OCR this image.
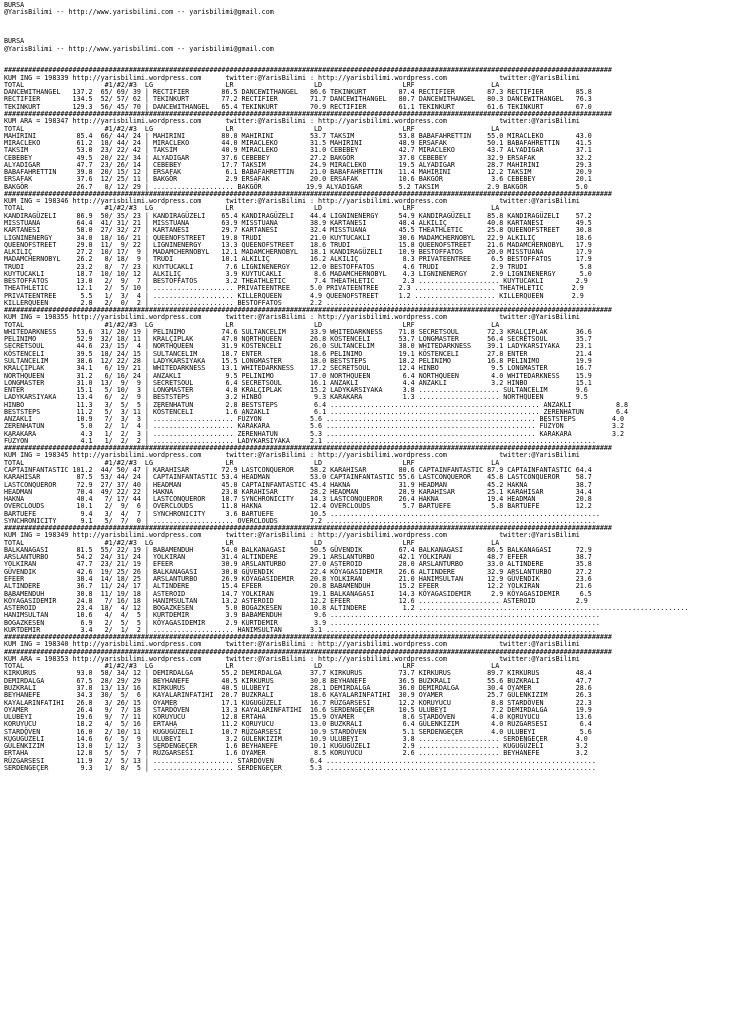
BURSA
@YarisBilimi -- http://www.yarisbilimi.com -- yarisbilimi@gmail.com
BURSA
@YarisBilimi -- http://www.yarisbilimi.com -- yarisbilimi@gmail.com
#######################################################################################################################################################
KUM ING = 198339 http://yarisbilimi.wordpress.com      twitter:@YarisBilimi : http://yarisbilimi.wordpress.com             twitter:@YarisBilimi
TOTAL                    #1/#2/#3  LG                  LR                    LD                    LRF                   LA
DANCEWITHANGEL   137.2  65/ 69/ 39 | RECTIFIER        86.5 DANCEWITHANGEL   86.6 TEKINKURT        87.4 RECTIFIER        87.3 RECTIFIER        85.8
RECTIFIER        134.5  52/ 57/ 62 | TEKINKURT        77.2 RECTIFIER        71.7 DANCEWITHANGEL   80.7 DANCEWITHANGEL   80.3 DANCEWITHANGEL   76.3
TEKINKURT        129.3  56/ 45/ 70 | DANCEWITHANGEL   65.4 TEKINKURT        70.9 RECTIFIER        61.1 TEKINKURT        61.6 TEKINKURT        67.0
#######################################################################################################################################################
KUM ARA = 198347 http://yarisbilimi.wordpress.com      twitter:@YarisBilimi : http://yarisbilimi.wordpress.com             twitter:@YarisBilimi
TOTAL                    #1/#2/#3  LG                  LR                    LD                    LRF                   LA
MAHIRINI          85.4  66/ 44/ 24 | MAHIRINI         80.0 MAHIRINI         53.7 TAKSIM           53.8 BABAFAHRETTIN    55.0 MIRACLEKO        43.0
MIRACLEKO         61.2  18/ 44/ 24 | MIRACLEKO        44.0 MIRACLEKO        31.5 MAHIRINI         48.9 ERSAFAK          50.1 BABAFAHRETTIN    41.5
TAKSIM            53.0  23/ 22/ 42 | TAKSIM           40.9 MIRACLEKO        31.0 CEBEBEY          42.7 MIRACLEKO        43.7 ALYADIGAR        37.1
CEBEBEY           49.5  20/ 22/ 34 | ALYADIGAR        37.6 CEBEBEY          27.2 BAKGÖR           37.0 CEBEBEY          32.9 ERSAFAK          32.2
ALYADIGAR         47.7  23/ 26/ 14 | CEBEBEY          17.7 TAKSIM           24.9 MIRACLEKO        19.5 ALYADIGAR        28.7 MAHIRINI         29.3
BABAFAHRETTIN     39.8  20/ 15/ 12 | ERSAFAK           6.1 BABAFAHRETTIN    21.0 BABAFAHRETTIN    11.4 MAHIRINI         12.2 TAKSIM           20.9
ERSAFAK           37.6  12/ 25/ 11 | BAKGÖR            2.9 ERSAFAK          20.0 ERSAFAK          10.6 BAKGÖR            3.6 CEBEBEY          20.1
BAKGÖR            26.7   8/ 12/ 29 | .................... BAKGÖR           19.9 ALYADIGAR         5.2 TAKSIM            2.9 BAKGÖR            5.0
#######################################################################################################################################################
KUM ING = 198346 http://yarisbilimi.wordpress.com      twitter:@YarisBilimi : http://yarisbilimi.wordpress.com             twitter:@YarisBilimi
TOTAL                    #1/#2/#3  LG                  LR                    LD                    LRF                   LA
KANDIRAGÜZELI     86.9  50/ 35/ 23 | KANDIRAGÜZELI    65.4 KANDIRAGÜZELI    44.4 LIGNINENERGY     54.9 KANDIRAGÜZELI    85.8 KANDIRAGÜZELI    57.2
MISSTUANA         64.4  41/ 31/ 21 | MISSTUANA        63.9 MISSTUANA        38.9 KARTANESI        48.4 ALKILIÇ          40.8 KARTANESI        49.5
KARTANESI         58.0  27/ 32/ 27 | KARTANESI        29.7 KARTANESI        32.4 MISSTUANA        45.5 THEATHLETIC      25.8 QUEENOFSTREET    30.8
LIGNINENERGY      34.0  18/ 16/ 21 | QUEENOFSTREET    19.8 TRUDI            21.0 KUYTUCAKLI       30.6 MADAMCHERNOBYL   22.9 ALKILIÇ          18.6
QUEENOFSTREET     29.0  11/  9/ 22 | LIGNINENERGY     13.3 QUEENOFSTREET    18.6 TRUDI            15.8 QUEENOFSTREET    21.6 MADAMCHERNOBYL   17.9
ALKILIÇ           27.2  10/ 17/  9 | MADAMCHERNOBYL   12.1 MADAMCHERNOBYL   18.1 KANDIRAGÜZELI    10.9 BESTOFFATOS      20.0 MISSTUANA        17.9
MADAMCHERNOBYL    26.2   8/ 18/  9 | TRUDI            10.1 ALKILIÇ          16.2 ALKILIÇ           8.3 PRIVATEENTREE     6.5 BESTOFFATOS      17.9
TRUDI             23.2   8/  7/ 23 | KUYTUCAKLI        7.6 LIGNINENERGY     12.0 BESTOFFATOS       4.6 TRUDI             2.9 TRUDI             5.8
KUYTUCAKLI        18.7  10/ 10/ 12 | ALKILIÇ           3.9 KUYTUCAKLI        8.6 MADAMCHERNOBYL    4.3 LIGNINENERGY      2.9 LIGNINENERGY      5.0
BESTOFFATOS       13.0   2/  9/  7 | BESTOFFATOS       3.2 THEATHLETIC       7.4 THEATHLETIC       2.3 .................... KUYTUCAKLI        2.9
THEATHLETIC       12.1   2/  5/ 10 | .................... PRIVATEENTREE     5.0 PRIVATEENTREE     2.3 .................... THEATHLETIC       2.9
PRIVATEENTREE      5.5   1/  3/  4 | .................... KILLERQUEEN       4.9 QUEENOFSTREET     1.2 .................... KILLERQUEEN       2.9
KILLERQUEEN        2.8   2/  0/  2 | .................... BESTOFFATOS       2.2 ...................................................................
#######################################################################################################################################################
KUM ING = 198355 http://yarisbilimi.wordpress.com      twitter:@YarisBilimi : http://yarisbilimi.wordpress.com             twitter:@YarisBilimi
TOTAL                    #1/#2/#3  LG                  LR                    LD                    LRF                   LA
WHITEDARKNESS     53.6  31/ 20/ 19 | PELINIMO         74.6 SULTANCELIM      33.9 WHITEDARKNESS    71.8 SECRETSOUL       72.3 KRALÇIPLAK       36.6
PELINIMO          52.9  32/ 18/ 11 | KRALÇIPLAK       47.0 NORTHQUEEN       26.8 KÖSTENCELI       53.7 LONGMASTER       56.4 SECRETSOUL       35.7
SECRETSOUL        44.6  23/ 15/  4 | NORTHQUEEN       31.9 KÖSTENCELI       26.0 SULTANCELIM      38.0 WHITEDARKNESS    39.1 LADYKARSIYAKA    23.1
KÖSTENCELI        39.5  18/ 24/ 15 | SULTANCELIM      18.7 ENTER            18.6 PELINIMO         19.1 KÖSTENCELI       27.8 ENTER            21.4
SULTANCELIM       38.6  12/ 22/ 28 | LADYKARSIYAKA    15.5 LONGMASTER       18.0 BESTSTEPS        18.2 PELINIMO         16.8 PELINIMO         19.9
KRALÇIPLAK        34.1   6/ 19/ 21 | WHITEDARKNESS    13.1 WHITEDARKNESS    17.2 SECRETSOUL       12.4 HINBO             9.5 LONGMASTER       16.7
NORTHQUEEN        31.2   6/ 16/ 24 | ANZAKLI           9.5 PELINIMO         17.0 NORTHQUEEN        6.4 NORTHQUEEN        4.0 WHITEDARKNESS    15.9
LONGMASTER        31.0  13/  9/  9 | SECRETSOUL        6.4 SECRETSOUL       16.1 ANZAKLI           4.4 ANZAKLI           3.2 HINBO            15.1
ENTER             15.1   5/ 10/  3 | LONGMASTER        4.8 KRALÇIPLAK       15.2 LADYKARSIYAKA     3.8 .................... SULTANCELIM       9.6
LADYKARSIYAKA     13.4   6/  2/  9 | BESTSTEPS         3.2 HINBO             9.3 KARAKARA          1.3 .................... NORTHQUEEN        9.5
HINBO             11.3   3/  5/  5 | ZERENHATUN        2.8 BESTSTEPS         6.4 .................................................... ANZAKLI           8.8
BESTSTEPS         11.2   5/  3/ 11 | KÖSTENCELI        1.6 ANZAKLI           6.1 .................................................... ZERENHATUN        6.4
ANZAKLI           10.9   7/  3/  3 | .................... FÜZYON            5.6 .................................................... BESTSTEPS         4.0
ZERENHATUN         5.0   2/  1/  4 | .................... KARAKARA          5.6 .................................................... FÜZYON            3.2
KARAKARA           4.3   1/  2/  3 | .................... ZERENHATUN        5.3 .................................................... KARAKARA          3.2
FÜZYON             4.1   1/  2/  2 | .................... LADYKARSIYAKA     2.1 ...................................................................
#######################################################################################################################################################
KUM ING = 198345 http://yarisbilimi.wordpress.com      twitter:@YarisBilimi : http://yarisbilimi.wordpress.com             twitter:@YarisBilimi
TOTAL                    #1/#2/#3  LG                  LR                    LD                    LRF                   LA
CAPTAINFANTASTIC 101.2  44/ 50/ 47 | KARAHISAR        72.9 LASTCONQUEROR    58.2 KARAHISAR        80.6 CAPTAINFANTASTIC 87.9 CAPTAINFANTASTIC 64.4
KARAHISAR         87.5  53/ 44/ 24 | CAPTAINFANTASTIC 53.4 HEADMAN          53.0 CAPTAINFANTASTIC 55.6 LASTCONQUEROR    45.8 LASTCONQUEROR    58.7
LASTCONQUEROR     72.9  27/ 37/ 40 | HEADMAN          45.0 CAPTAINFANTASTIC 45.4 HAKNA            31.9 HEADMAN          45.2 HAKNA            38.7
HEADMAN           70.4  49/ 22/ 22 | HAKNA            23.8 KARAHISAR        28.2 HEADMAN          28.9 KARAHISAR        25.1 KARAHISAR        34.4
HAKNA             40.4   7/ 17/ 44 | LASTCONQUEROR    18.7 SYNCHRONICITY    14.3 LASTCONQUEROR    26.4 HAKNA            19.4 HEADMAN          20.8
OVERCLOUDS        10.1   2/  9/  6 | OVERCLOUDS       11.8 HAKNA            12.4 OVERCLOUDS        5.7 BARTUEFE          5.8 BARTUEFE         12.2
BARTUEFE           9.4   3/  4/  7 | SYNCHRONICITY     3.6 BARTUEFE         10.5 ...................................................................
SYNCHRONICITY      9.1   5/  7/  0 | .................... OVERCLOUDS        7.2 ...................................................................
#######################################################################################################################################################
KUM ING = 198349 http://yarisbilimi.wordpress.com      twitter:@YarisBilimi : http://yarisbilimi.wordpress.com             twitter:@YarisBilimi
TOTAL                    #1/#2/#3  LG                  LR                    LD                    LRF                   LA
BALKANAGASI       81.5  55/ 22/ 19 | BABAMENDUH       54.0 BALKANAGASI      50.5 GÜVENDIK         67.4 BALKANAGASI      86.5 BALKANAGASI      72.9
ARSLANTURBO       54.2  24/ 31/ 24 | YOLKIRAN         31.4 ALTINDERE        29.1 ARSLANTURBO      42.1 YOLKIRAN         48.7 EFEER            38.7
YOLKIRAN          47.7  23/ 21/ 19 | EFEER            30.9 ARSLANTURBO      27.0 ASTEROID         28.0 ARSLANTURBO      33.0 ALTINDERE        35.8
GÜVENDIK          42.6  19/ 25/ 26 | BALKANAGASI      30.8 GÜVENDIK         22.4 KÖYAGASIDEMIR    26.6 ALTINDERE        32.9 ARSLANTURBO      27.2
EFEER             38.4  14/ 18/ 25 | ARSLANTURBO      26.9 KÖYAGASIDEMIR    20.8 YOLKIRAN         21.0 HANIMSULTAN      12.9 GÜVENDIK         23.6
ALTINDERE         36.7  11/ 24/ 17 | ALTINDERE        15.4 EFEER            20.8 BABAMENDUH       15.2 EFEER            12.2 YOLKIRAN         21.6
BABAMENDUH        30.8  11/ 19/ 18 | ASTEROID         14.7 YOLKIRAN         19.1 BALKANAGASI      14.3 KÖYAGASIDEMIR     2.9 KÖYAGASIDEMIR     6.5
KÖYAGASIDEMIR     24.8   7/ 16/ 18 | HANIMSULTAN      13.2 ASTEROID         12.2 EFEER            12.6 .................... ASTEROID          2.9
ASTEROID          23.4  18/  4/ 12 | BOGAZKESEN        5.0 BOGAZKESEN       10.8 ALTINDERE         1.2 ...................................................................
HANIMSULTAN       10.6   4/  4/  5 | KURTDEMIR         3.9 BABAMENDUH        9.6 ...................................................................
BOGAZKESEN         6.9   2/  5/  5 | KÖYAGASIDEMIR     2.9 KURTDEMIR         3.9 ...................................................................
KURTDEMIR          3.4   2/  1/  2 | .................... HANIMSULTAN       3.1 ...................................................................
#######################################################################################################################################################
KUM ING = 198340 http://yarisbilimi.wordpress.com      twitter:@YarisBilimi : http://yarisbilimi.wordpress.com             twitter:@YarisBilimi
#######################################################################################################################################################
KUM ARA = 198353 http://yarisbilimi.wordpress.com      twitter:@YarisBilimi : http://yarisbilimi.wordpress.com             twitter:@YarisBilimi
TOTAL                    #1/#2/#3  LG                  LR                    LD                    LRF                   LA
KIRKURUS          93.0  58/ 34/ 12 | DEMIRDALGA       55.2 DEMIRDALGA       37.7 KIRKURUS         73.7 KIRKURUS         89.7 KIRKURUS         48.4
DEMIRDALGA        67.5  28/ 29/ 29 | BEYHANEFE        40.5 KIRKURUS         30.8 BEYHANEFE        36.5 BUZKRALI         55.6 BUZKRALI         47.7
BUZKRALI          37.8  13/ 13/ 16 | KIRKURUS         40.5 ULUBEYI          28.1 DEMIRDALGA       36.0 DEMIRDALGA       30.4 OYAMER           28.6
BEYHANEFE         34.3  30/  5/  6 | KAYALARINFATIHI  20.7 BUZKRALI         18.6 KAYALARINFATIHI  30.9 OYAMER           25.7 GÜLENKIZIM       26.3
KAYALARINFATIHI   26.8   3/ 26/ 15 | OYAMER           17.1 KUGUGÜZELI       16.7 RÜZGARSESI       12.2 KORUYUCU          8.8 STARDÖVEN        22.3
OYAMER            26.4   9/  7/ 18 | STARDÖVEN        13.3 KAYALARINFATIHI  16.6 SERDENGEÇER      10.5 ULUBEYI           7.2 DEMIRDALGA       19.9
ULUBEYI           19.6   9/  7/ 11 | KORUYUCU         12.8 ERTAHA           15.9 OYAMER            8.6 STARDÖVEN         4.0 KORUYUCU         13.6
KORUYUCU          18.2   4/  5/ 16 | ERTAHA           11.2 KORUYUCU         13.0 BUZKRALI          6.4 GÜLENKIZIM        4.0 RÜZGARSESI        6.4
STARDÖVEN         16.0   2/ 10/ 11 | KUGUGÜZELI       10.7 RÜZGARSESI       10.9 STARDÖVEN         5.1 SERDENGEÇER       4.0 ULUBEYI           5.6
KUGUGÜZELI        14.6   6/  5/  9 | ULUBEYI           3.2 GÜLENKIZIM       10.9 ULUBEYI           3.8 .................... SERDENGEÇER       4.0
GÜLENKIZIM        13.0   1/ 12/  3 | SERDENGEÇER       1.6 BEYHANEFE        10.1 KUGUGÜZELI        2.9 .................... KUGUGÜZELI        3.2
ERTAHA            12.8   5/  5/  7 | RÜZGARSESI        1.6 OYAMER            8.5 KORUYUCU          2.6 .................... BEYHANEFE         3.2
RÜZGARSESI        11.9   2/  5/ 13 | .................... STARDÖVEN         6.4 ...................................................................
SERDENGEÇER        9.3   1/  8/  5 | .................... SERDENGEÇER       5.3 ...................................................................
